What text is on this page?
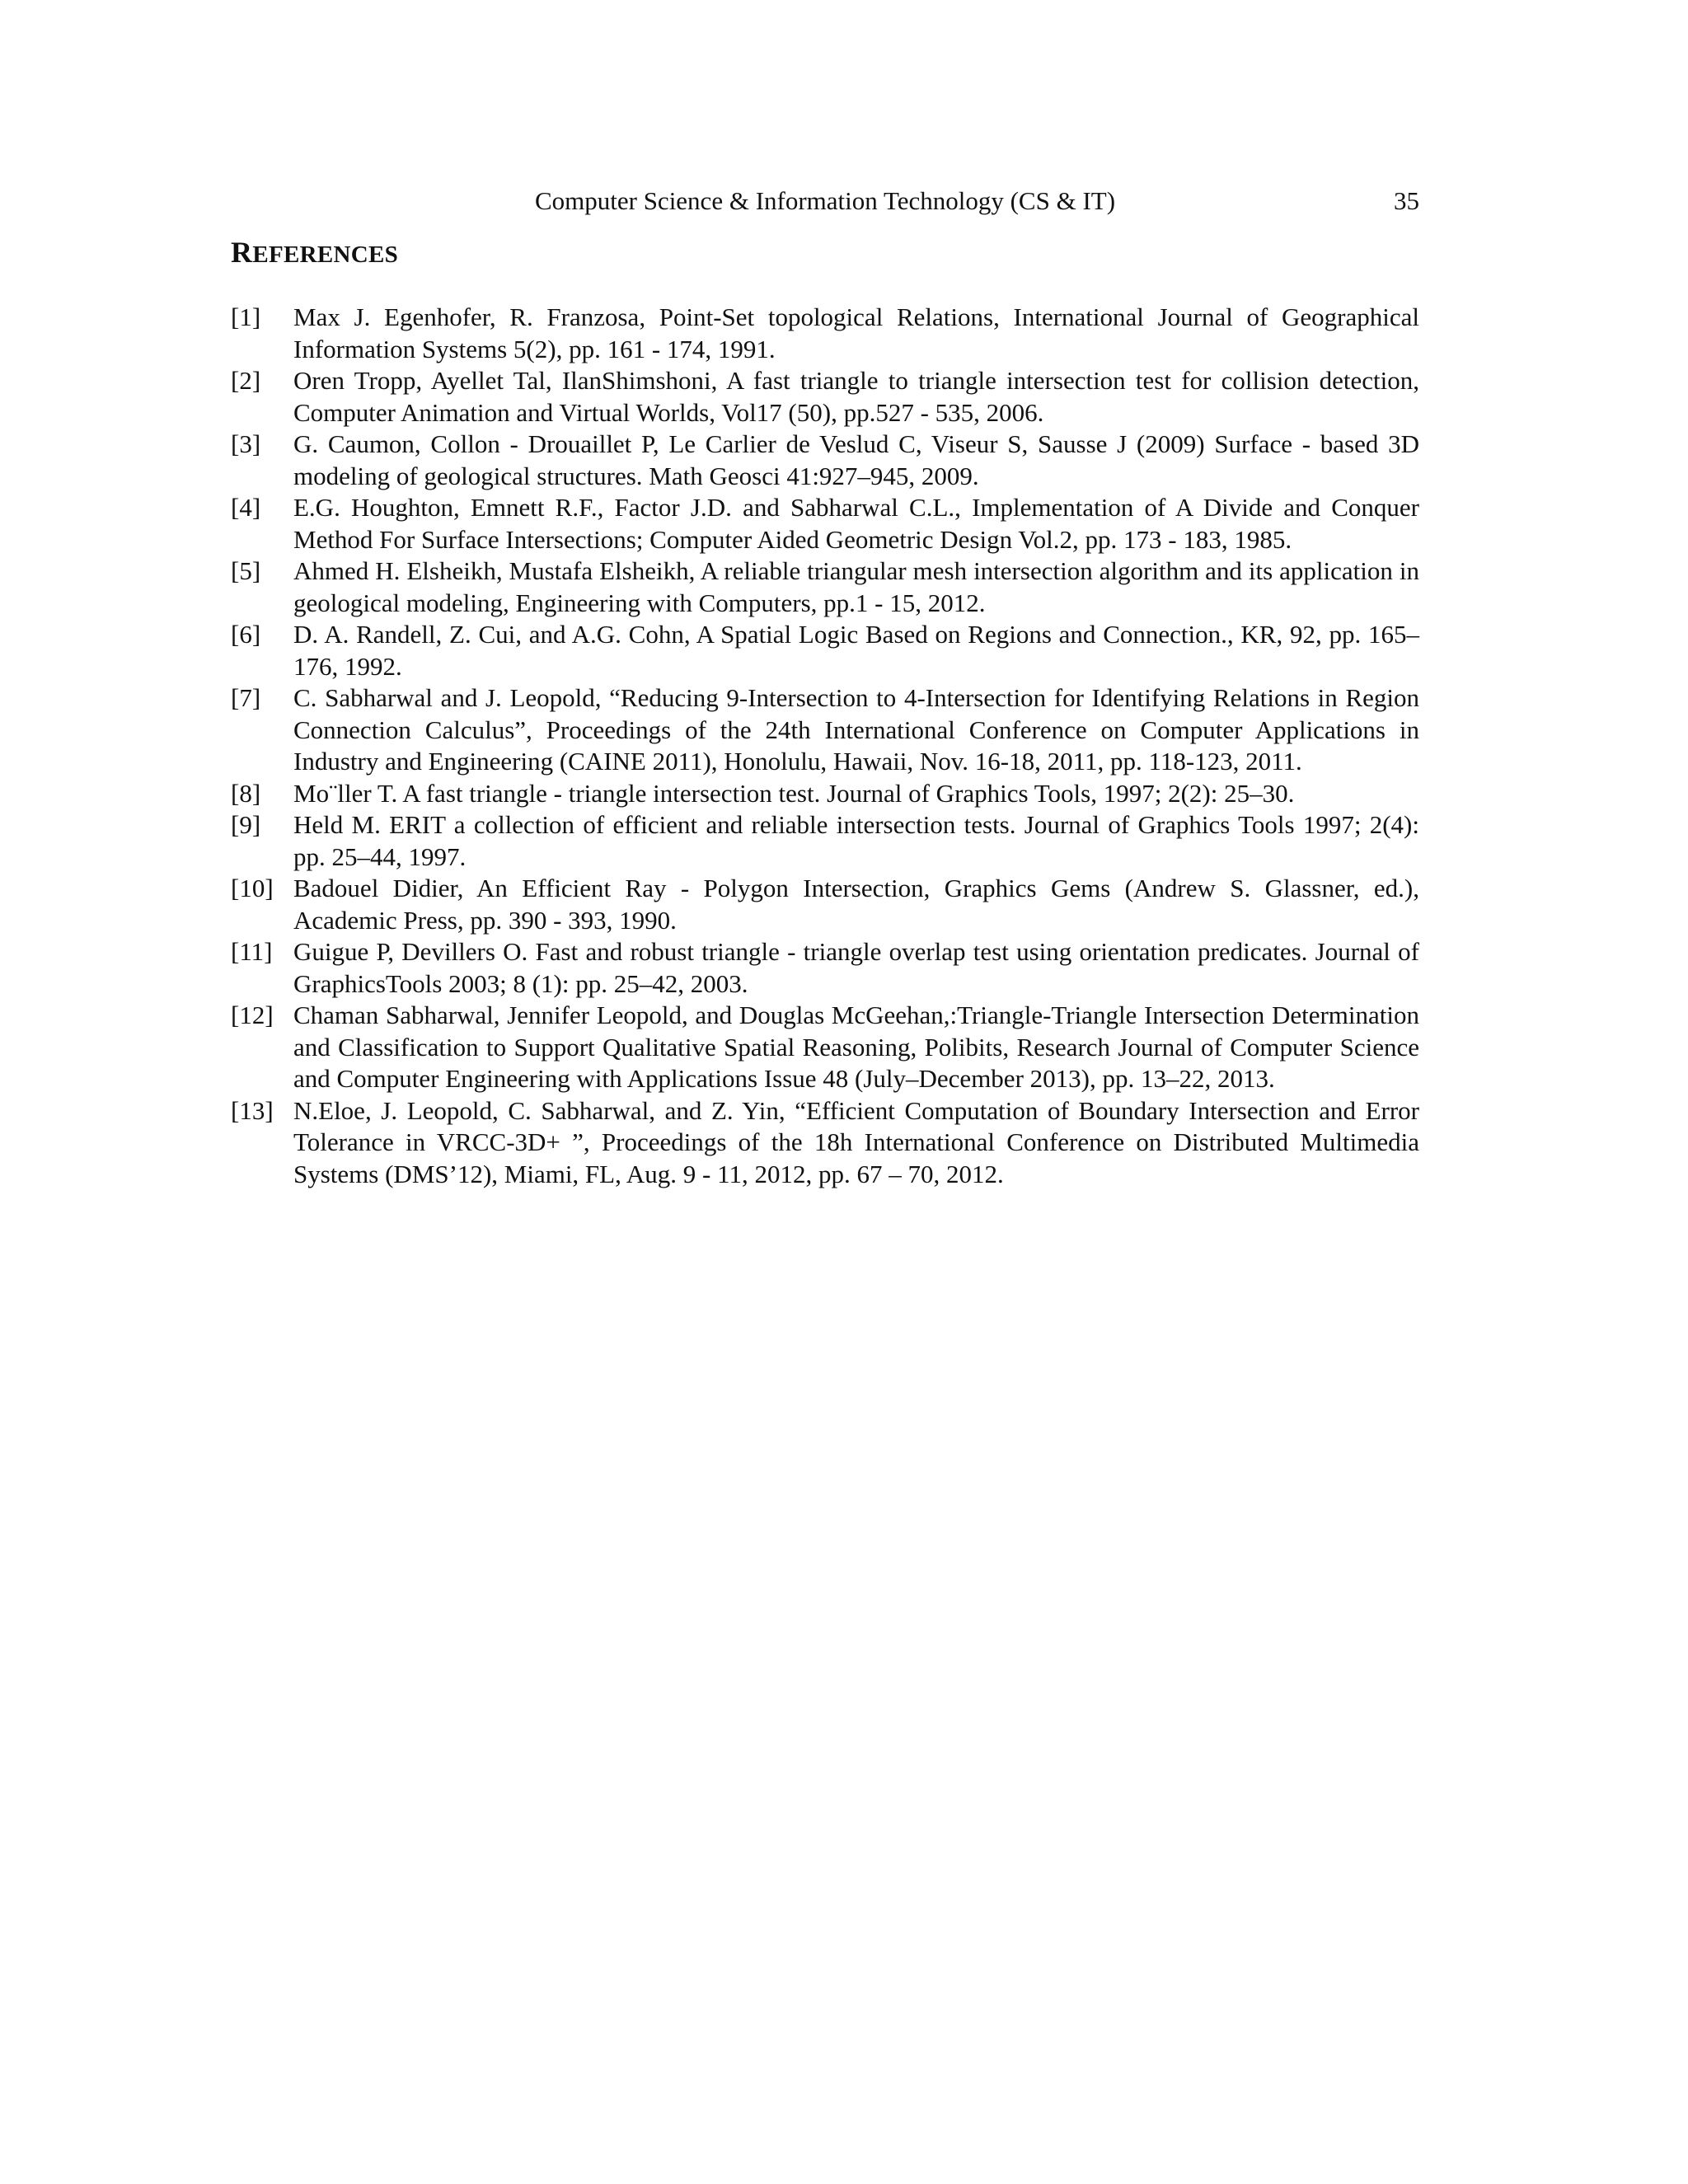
Computer Science & Information Technology (CS & IT)	35
REFERENCES
[1]	Max J. Egenhofer, R. Franzosa, Point-Set topological Relations, International Journal of Geographical Information Systems 5(2), pp. 161 - 174, 1991.
[2]	Oren Tropp, Ayellet Tal, IlanShimshoni, A fast triangle to triangle intersection test for collision detection, Computer Animation and Virtual Worlds, Vol17 (50), pp.527 - 535, 2006.
[3]	G. Caumon, Collon - Drouaillet P, Le Carlier de Veslud C, Viseur S, Sausse J (2009) Surface - based 3D modeling of geological structures. Math Geosci 41:927–945, 2009.
[4]	E.G. Houghton, Emnett R.F., Factor J.D. and Sabharwal C.L., Implementation of A Divide and Conquer Method For Surface Intersections; Computer Aided Geometric Design Vol.2, pp. 173 - 183, 1985.
[5]	Ahmed H. Elsheikh, Mustafa Elsheikh, A reliable triangular mesh intersection algorithm and its application in geological modeling, Engineering with Computers, pp.1 - 15, 2012.
[6]	D. A. Randell, Z. Cui, and A.G. Cohn, A Spatial Logic Based on Regions and Connection., KR, 92, pp. 165–176, 1992.
[7]	C. Sabharwal and J. Leopold, “Reducing 9-Intersection to 4-Intersection for Identifying Relations in Region Connection Calculus”, Proceedings of the 24th International Conference on Computer Applications in Industry and Engineering (CAINE 2011), Honolulu, Hawaii, Nov. 16-18, 2011, pp. 118-123, 2011.
[8]	Mo¨ller T. A fast triangle - triangle intersection test. Journal of Graphics Tools, 1997; 2(2): 25–30.
[9]	Held M. ERIT a collection of efficient and reliable intersection tests. Journal of Graphics Tools 1997; 2(4): pp. 25–44, 1997.
[10] Badouel Didier, An Efficient Ray - Polygon Intersection, Graphics Gems (Andrew S. Glassner, ed.), Academic Press, pp. 390 - 393, 1990.
[11] Guigue P, Devillers O. Fast and robust triangle - triangle overlap test using orientation predicates. Journal of GraphicsTools 2003; 8 (1): pp. 25–42, 2003.
[12] Chaman Sabharwal, Jennifer Leopold, and Douglas McGeehan,:Triangle-Triangle Intersection Determination and Classification to Support Qualitative Spatial Reasoning, Polibits, Research Journal of Computer Science and Computer Engineering with Applications Issue 48 (July–December 2013), pp. 13–22, 2013.
[13] N.Eloe, J. Leopold, C. Sabharwal, and Z. Yin, “Efficient Computation of Boundary Intersection and Error Tolerance in VRCC-3D+ ”, Proceedings of the 18h International Conference on Distributed Multimedia Systems (DMS’12), Miami, FL, Aug. 9 - 11, 2012, pp. 67 – 70, 2012.
